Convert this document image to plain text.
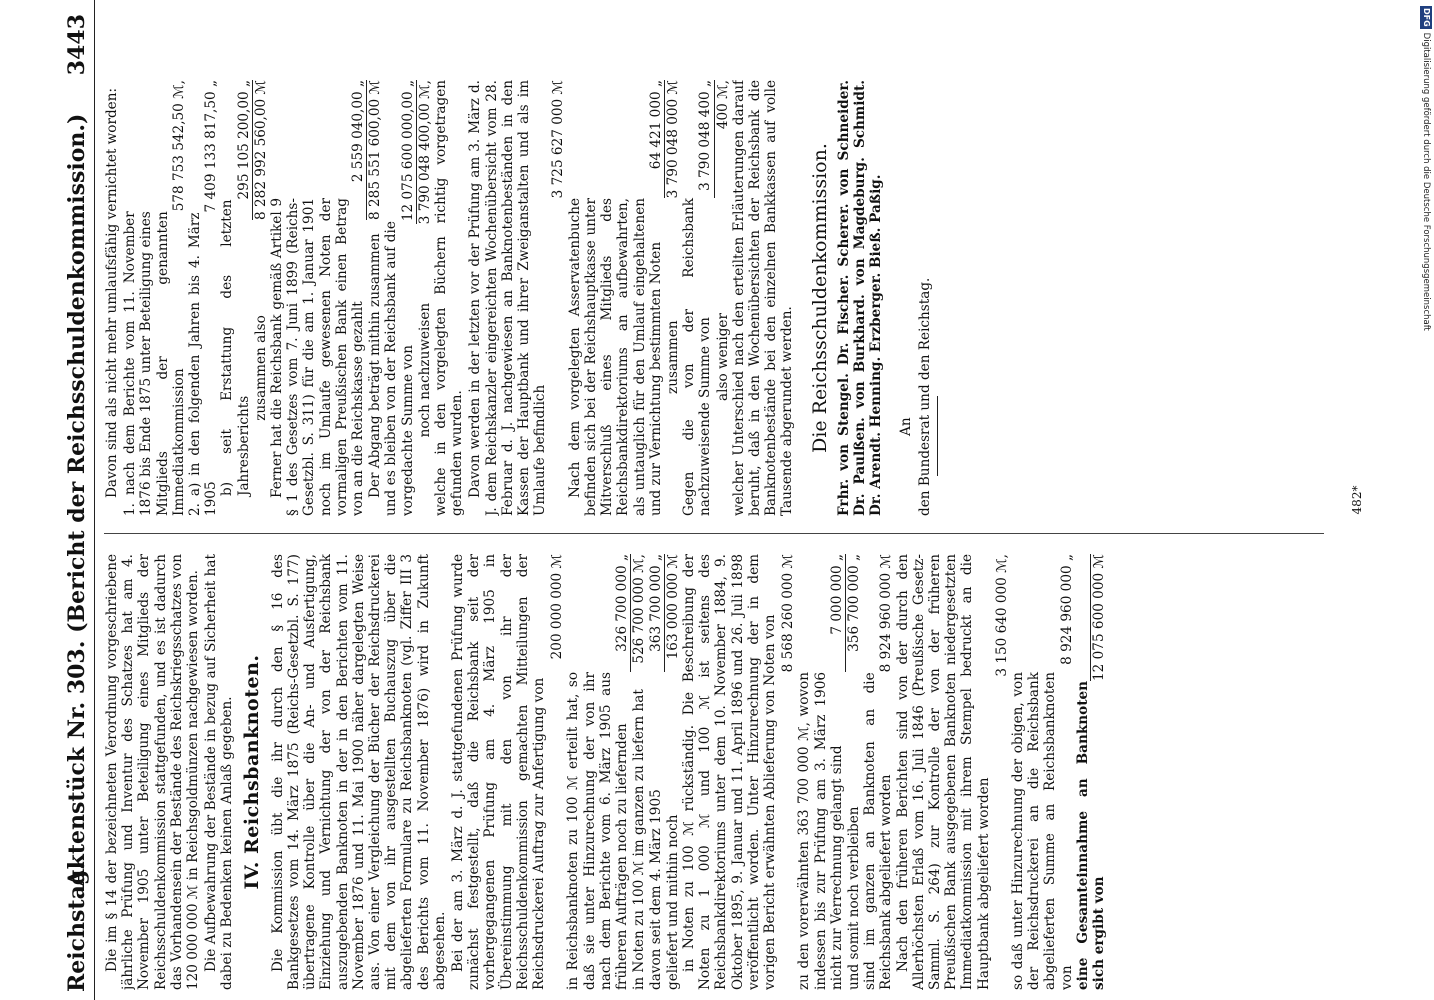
Reichstag.
Aktenstück Nr. 303. (Bericht der Reichsschuldenkommission.)
3443

Die im § 14 der bezeichneten Verordnung vorgeschriebene jährliche Prüfung und Inventur des Schatzes hat am 4. November 1905 unter Beteiligung eines Mitglieds der Reichsschuldenkommission stattgefunden, und es ist dadurch das Vorhandensein der Bestände des Reichskriegsschatzes von 120 000 000 ℳ in Reichsgoldmünzen nachgewiesen worden. Die Aufbewahrung der Bestände in bezug auf Sicherheit hat dabei zu Bedenken keinen Anlaß gegeben. IV. Reichsbanknoten. Die Kommission übt die ihr durch den § 16 des Bankgesetzes vom 14. März 1875 (Reichs-Gesetzbl. S. 177) übertragene Kontrolle über die An- und Ausfertigung, Einziehung und Vernichtung der von der Reichsbank auszugebenden Banknoten in der in den Berichten vom 11. November 1876 und 11. Mai 1900 näher dargelegten Weise aus. Von einer Vergleichung der Bücher der Reichsdruckerei mit dem von ihr ausgestellten Buchauszug über die abgelieferten Formulare zu Reichsbanknoten (vgl. Ziffer III 3 des Berichts vom 11. November 1876) wird in Zukunft abgesehen. Bei der am 3. März d. J. stattgefundenen Prüfung wurde zunächst festgestellt, daß die Reichsbank seit der vorhergegangenen Prüfung am 4. März 1905 in Übereinstimmung mit den von ihr der Reichsschuldenkommission gemachten Mitteilungen der Reichsdruckerei Auftrag zur Anfertigung von

200 000 000 ℳ
in Reichsbanknoten zu 100 ℳ erteilt hat, so daß sie unter Hinzurechnung der von ihr nach dem Berichte vom 6. März 1905 aus früheren Aufträgen noch zu liefernden
326 700 000 „
in Noten zu 100 ℳ im ganzen zu liefern hat
526 700 000 ℳ,
davon seit dem 4. März 1905
363 700 000 „
geliefert und mithin noch
163 000 000 ℳ in Noten zu 100 ℳ rückständig. Die Beschreibung der Noten zu 1 000 ℳ und 100 ℳ ist seitens des Reichsbankdirektoriums unter dem 10. November 1884, 9. Oktober 1895, 9. Januar und 11. April 1896 und 26. Juli 1898 veröffentlicht worden. Unter Hinzurechnung der in dem vorigen Bericht erwähnten Ablieferung von Noten von

8 568 260 000 ℳ
zu den vorerwähnten 363 700 000 ℳ, wovon indessen bis zur Prüfung am 3. März 1906 nicht zur Verrechnung gelangt sind
7 000 000 „
und somit noch verbleiben
356 700 000 „
sind im ganzen an Banknoten an die Reichsbank abgeliefert worden
8 924 960 000 ℳ Nach den früheren Berichten sind von der durch den Allerhöchsten Erlaß vom 16. Juli 1846 (Preußische Gesetz-Samml. S. 264) zur Kontrolle der von der früheren Preußischen Bank ausgegebenen Banknoten niedergesetzten Immediatkommission mit ihrem Stempel bedruckt an die Hauptbank abgeliefert worden

3 150 640 000 ℳ,
so daß unter Hinzurechnung der obigen, von der Reichsdruckerei an die Reichsbank abgelieferten Summe an Reichsbanknoten von
8 924 960 000 „
eine Gesamteinnahme an Banknoten sich ergibt von
12 075 600 000 ℳ

Davon sind als nicht mehr umlaufsfähig vernichtet worden: 1. nach dem Berichte vom 11. November 1876 bis Ende 1875 unter Beteiligung eines Mitglieds der genannten Immediatkommission
578 753 542,50 ℳ,
2. a) in den folgenden Jahren bis 4. März 1905
7 409 133 817,50 „
b) seit Erstattung des letzten Jahresberichts
295 105 200,00 „
zusammen also
8 282 992 560,00 ℳ
Ferner hat die Reichsbank gemäß Artikel 9 § 1 des Gesetzes vom 7. Juni 1899 (Reichs-Gesetzbl. S. 311) für die am 1. Januar 1901 noch im Umlaufe gewesenen Noten der vormaligen Preußischen Bank einen Betrag von an die Reichskasse gezahlt
2 559 040,00 „
Der Abgang beträgt mithin zusammen
8 285 551 600,00 ℳ
und es bleiben von der Reichsbank auf die vorgedachte Summe von
12 075 600 000,00 „
noch nachzuweisen
3 790 048 400,00 ℳ, welche in den vorgelegten Büchern richtig vorgetragen gefunden wurden. Davon werden in der letzten vor der Prüfung am 3. März d. J. dem Reichskanzler eingereichten Wochenübersicht vom 28. Februar d. J. nachgewiesen an Banknotenbeständen in den Kassen der Hauptbank und ihrer Zweiganstalten und als im Umlaufe befindlich

3 725 627 000 ℳ
Nach dem vorgelegten Asservatenbuche befinden sich bei der Reichshauptkasse unter Mitverschluß eines Mitglieds des Reichsbankdirektoriums an aufbewahrten, als untauglich für den Umlauf eingehaltenen und zur Vernichtung bestimmten Noten
64 421 000 „
zusammen
3 790 048 000 ℳ
Gegen die von der Reichsbank nachzuweisende Summe von
3 790 048 400 „
also weniger
400 ℳ, welcher Unterschied nach den erteilten Erläuterungen darauf beruht, daß in den Wochenübersichten der Reichsbank die Banknotenbestände bei den einzelnen Bankkassen auf volle Tausende abgerundet werden. Die Reichsschuldenkommission. Frhr. von Stengel. Dr. Fischer. Scherer. von Schneider. Dr. Paulßen. von Burkhard. von Magdeburg. Schmidt. Dr. Arendt. Henning. Erzberger. Bieß. Paßig. An den Bundesrat und den Reichstag.	482*
DFGDigitalisierung gefördert durch die Deutsche Forschungsgemeinschaft
